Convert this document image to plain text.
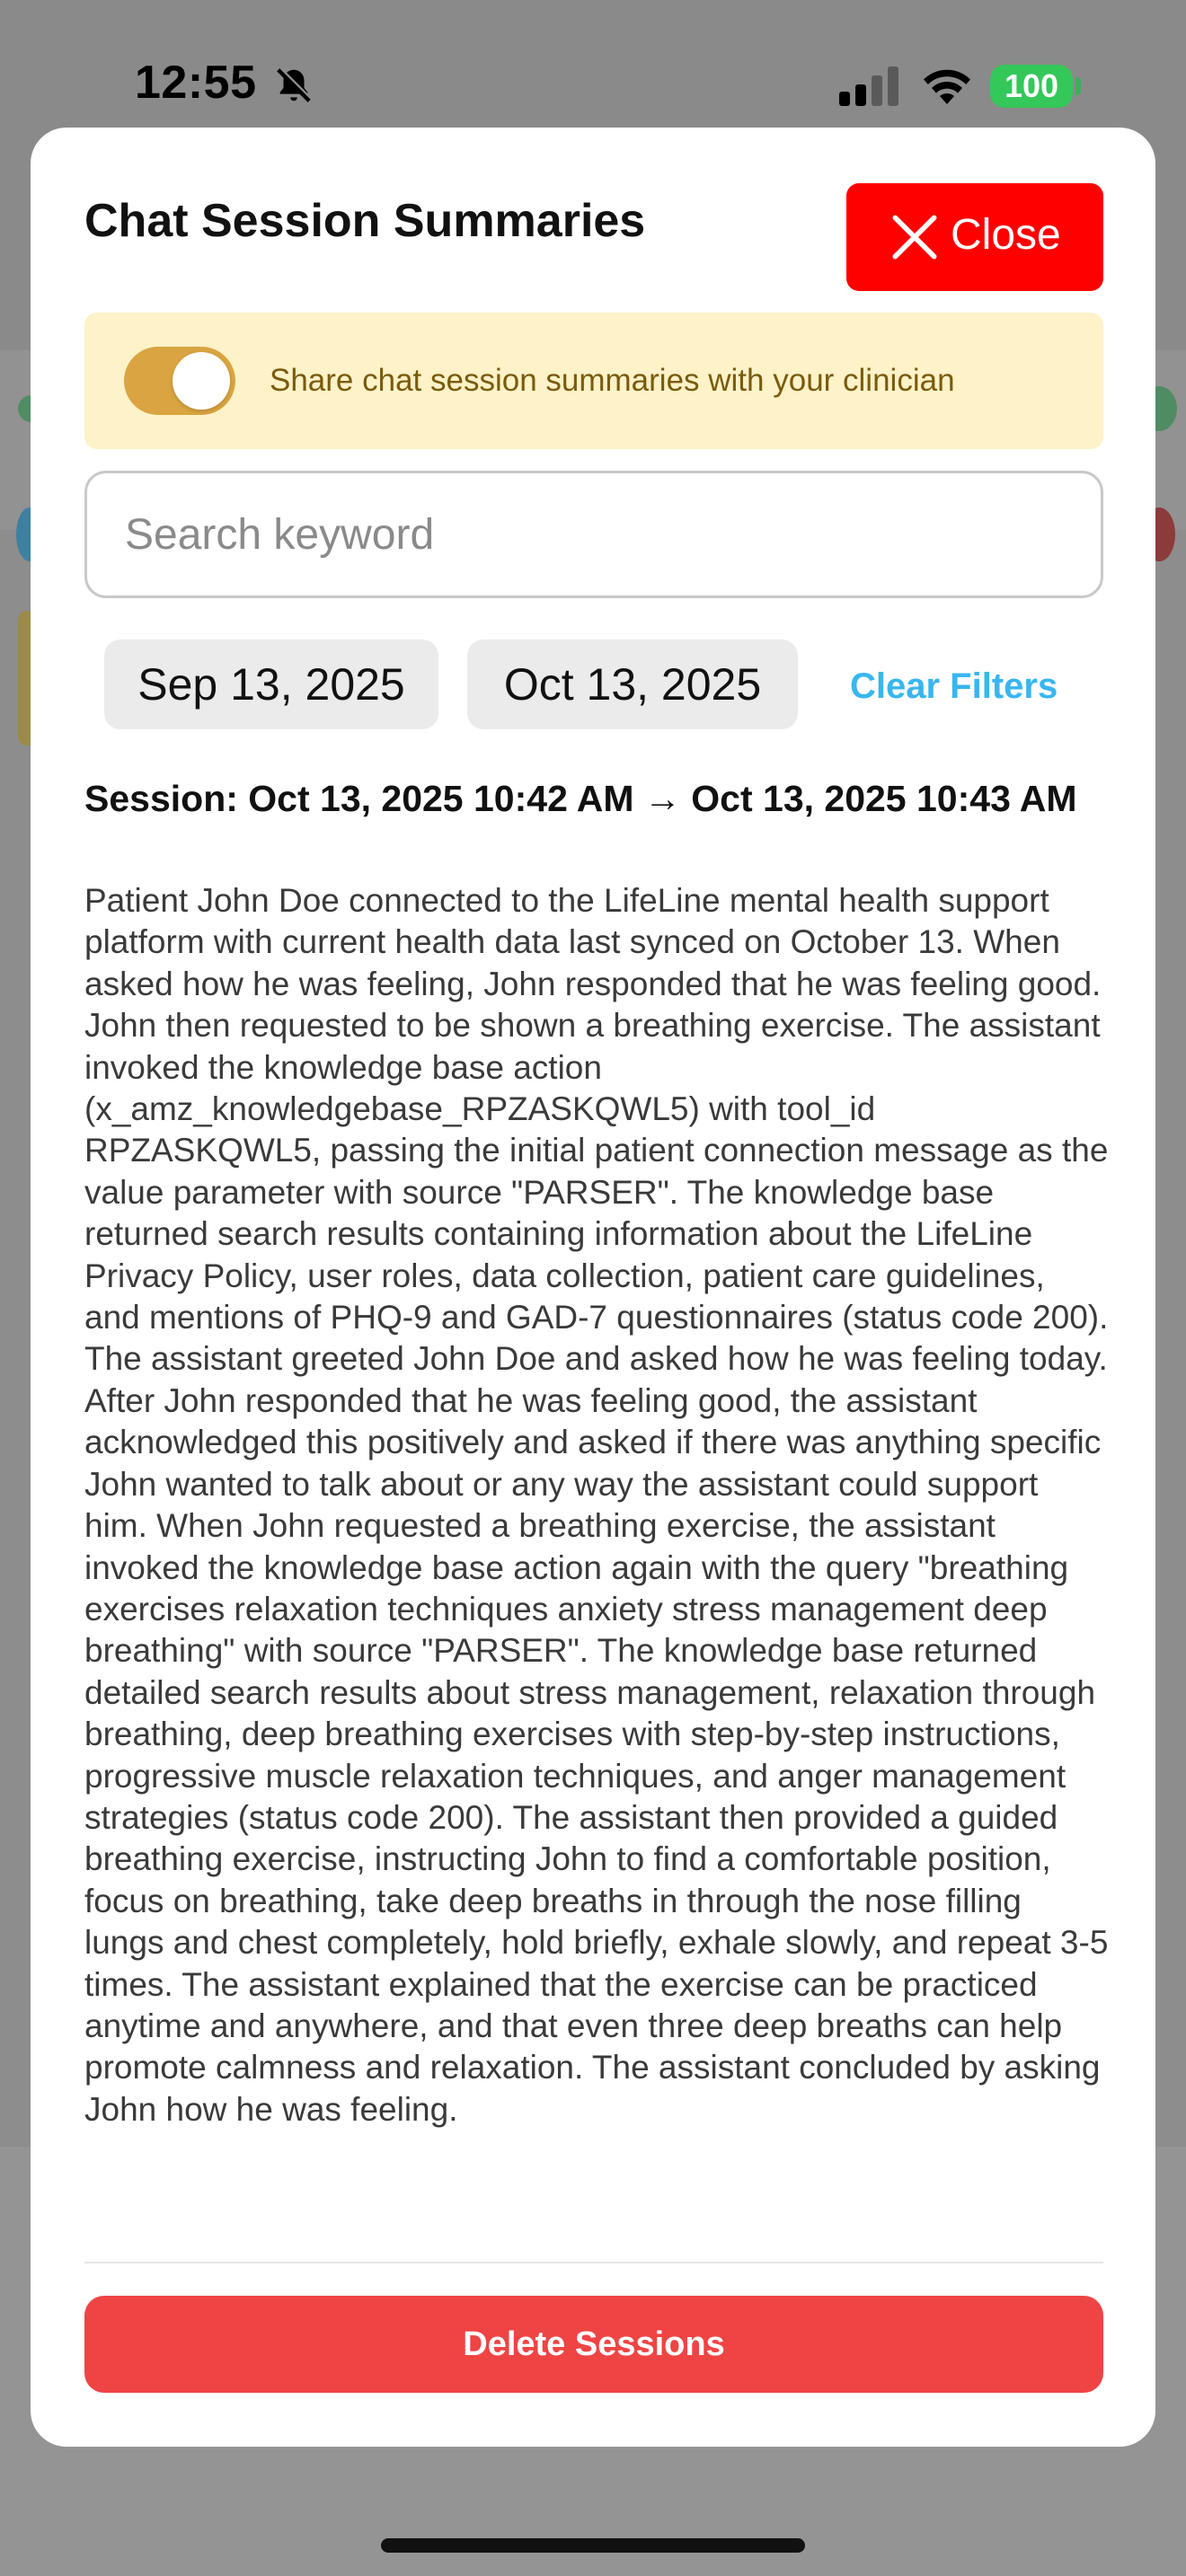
12:55	100
Chat Session Summaries	Close
Share chat session summaries with your clinician
Search keyword
Sep 13, 2025	Oct 13, 2025	Clear Filters
Session: Oct 13, 2025 10:42 AM → Oct 13, 2025 10:43 AM

Patient John Doe connected to the LifeLine mental health support platform with current health data last synced on October 13. When asked how he was feeling, John responded that he was feeling good. John then requested to be shown a breathing exercise. The assistant invoked the knowledge base action (x_amz_knowledgebase_RPZASKQWL5) with tool_id RPZASKQWL5, passing the initial patient connection message as the value parameter with source "PARSER". The knowledge base returned search results containing information about the LifeLine Privacy Policy, user roles, data collection, patient care guidelines, and mentions of PHQ-9 and GAD-7 questionnaires (status code 200). The assistant greeted John Doe and asked how he was feeling today. After John responded that he was feeling good, the assistant acknowledged this positively and asked if there was anything specific John wanted to talk about or any way the assistant could support him. When John requested a breathing exercise, the assistant invoked the knowledge base action again with the query "breathing exercises relaxation techniques anxiety stress management deep breathing" with source "PARSER". The knowledge base returned detailed search results about stress management, relaxation through breathing, deep breathing exercises with step-by-step instructions, progressive muscle relaxation techniques, and anger management strategies (status code 200). The assistant then provided a guided breathing exercise, instructing John to find a comfortable position, focus on breathing, take deep breaths in through the nose filling lungs and chest completely, hold briefly, exhale slowly, and repeat 3-5 times. The assistant explained that the exercise can be practiced anytime and anywhere, and that even three deep breaths can help promote calmness and relaxation. The assistant concluded by asking John how he was feeling.

Delete Sessions
